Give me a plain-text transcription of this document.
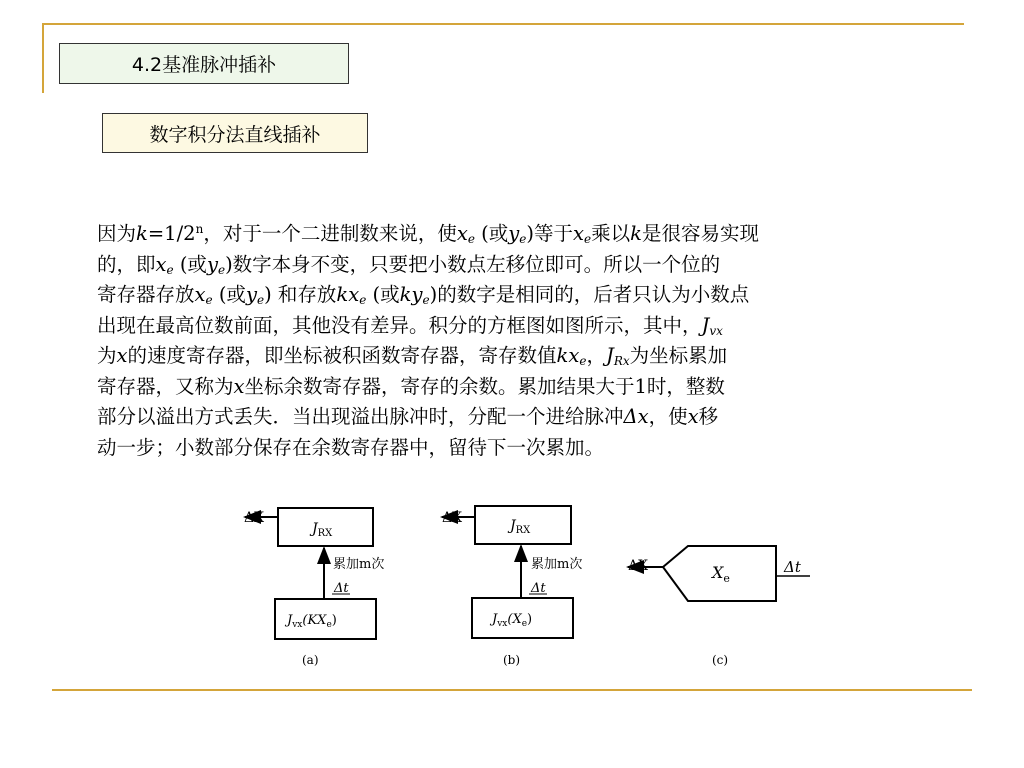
4.2基准脉冲插补
数字积分法直线插补
因为$k=1/2^n$，对于一个二进制数来说，使$x_e$ (或$y_e$)等于$x_e$乘以k是很容易实现
的，即$x_e$ (或$y_e$)数字本身不变，只要把小数点左移位即可。所以一个位的
寄存器存放$x_e$ (或$y_e$) 和存放$kx_e$ (或$ky_e$)的数字是相同的，后者只认为小数点
出现在最高位数前面，其他没有差异。积分的方框图如图所示，其中，$J_{vx}$
为x的速度寄存器，即坐标被积函数寄存器，寄存数值$kx_e$，$J_{Rx}$为坐标累加
寄存器，又称为x坐标余数寄存器，寄存的余数。累加结果大于1时，整数
部分以溢出方式丢失．当出现溢出脉冲时，分配一个进给脉冲Δx，使x移
动一步；小数部分保存在余数寄存器中，留待下一次累加。
$J_{RX}$
ΔX
$J_{vx}(KX_e)$
累加m次
Δt
(a)
$J_{RX}$
ΔX
$J_{vx}(X_e)$
累加m次
Δt
(b)
$X_e$
ΔX	Δt
(c)
